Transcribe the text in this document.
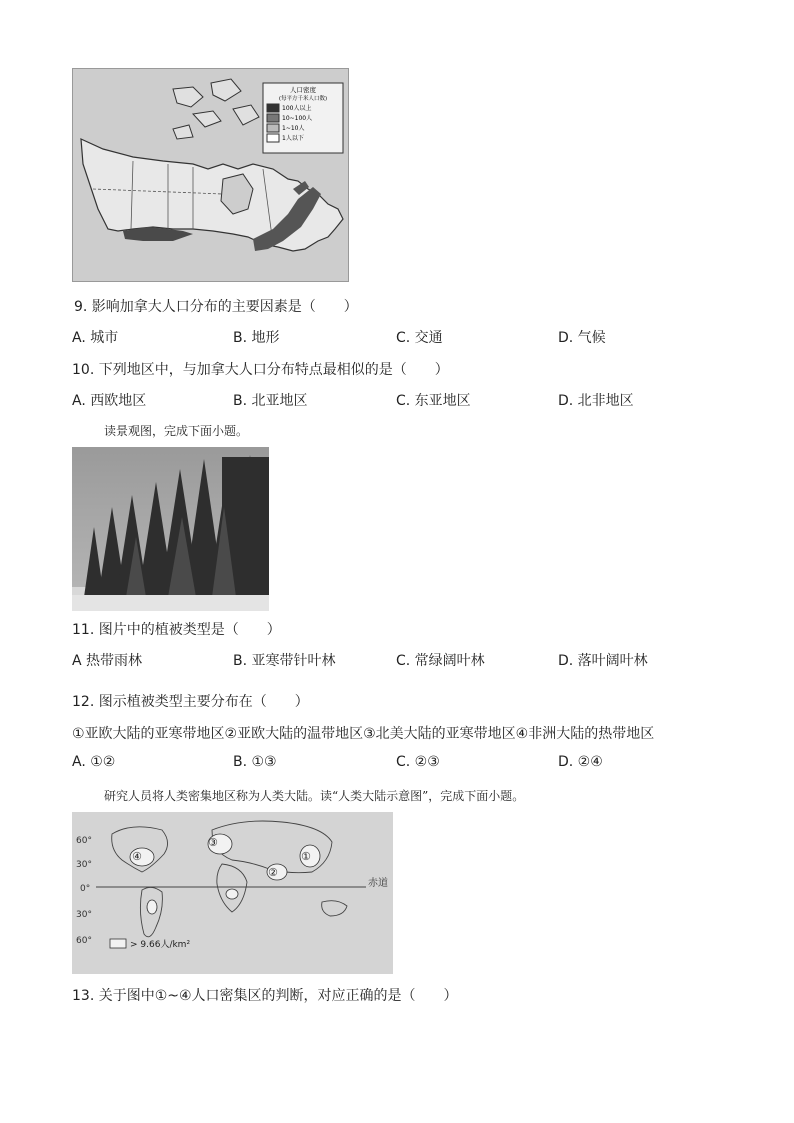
人口密度
(每平方千米人口数)
100人以上
10~100人
1~10人
1人以下
9. 影响加拿大人口分布的主要因素是（　　）
A. 城市	B. 地形	C. 交通	D. 气候
10. 下列地区中，与加拿大人口分布特点最相似的是（　　）
A. 西欧地区	B. 北亚地区	C. 东亚地区	D. 北非地区
读景观图，完成下面小题。
11. 图片中的植被类型是（　　）
A 热带雨林	B. 亚寒带针叶林	C. 常绿阔叶林	D. 落叶阔叶林
12. 图示植被类型主要分布在（　　）
①亚欧大陆的亚寒带地区②亚欧大陆的温带地区③北美大陆的亚寒带地区④非洲大陆的热带地区
A. ①②	B. ①③	C. ②③	D. ②④
研究人员将人类密集地区称为人类大陆。读“人类大陆示意图”，完成下面小题。
60°
30°
0°
30°
60°
赤道
④
③
②
①
> 9.66人/km²
13. 关于图中①~④人口密集区的判断，对应正确的是（　　）
